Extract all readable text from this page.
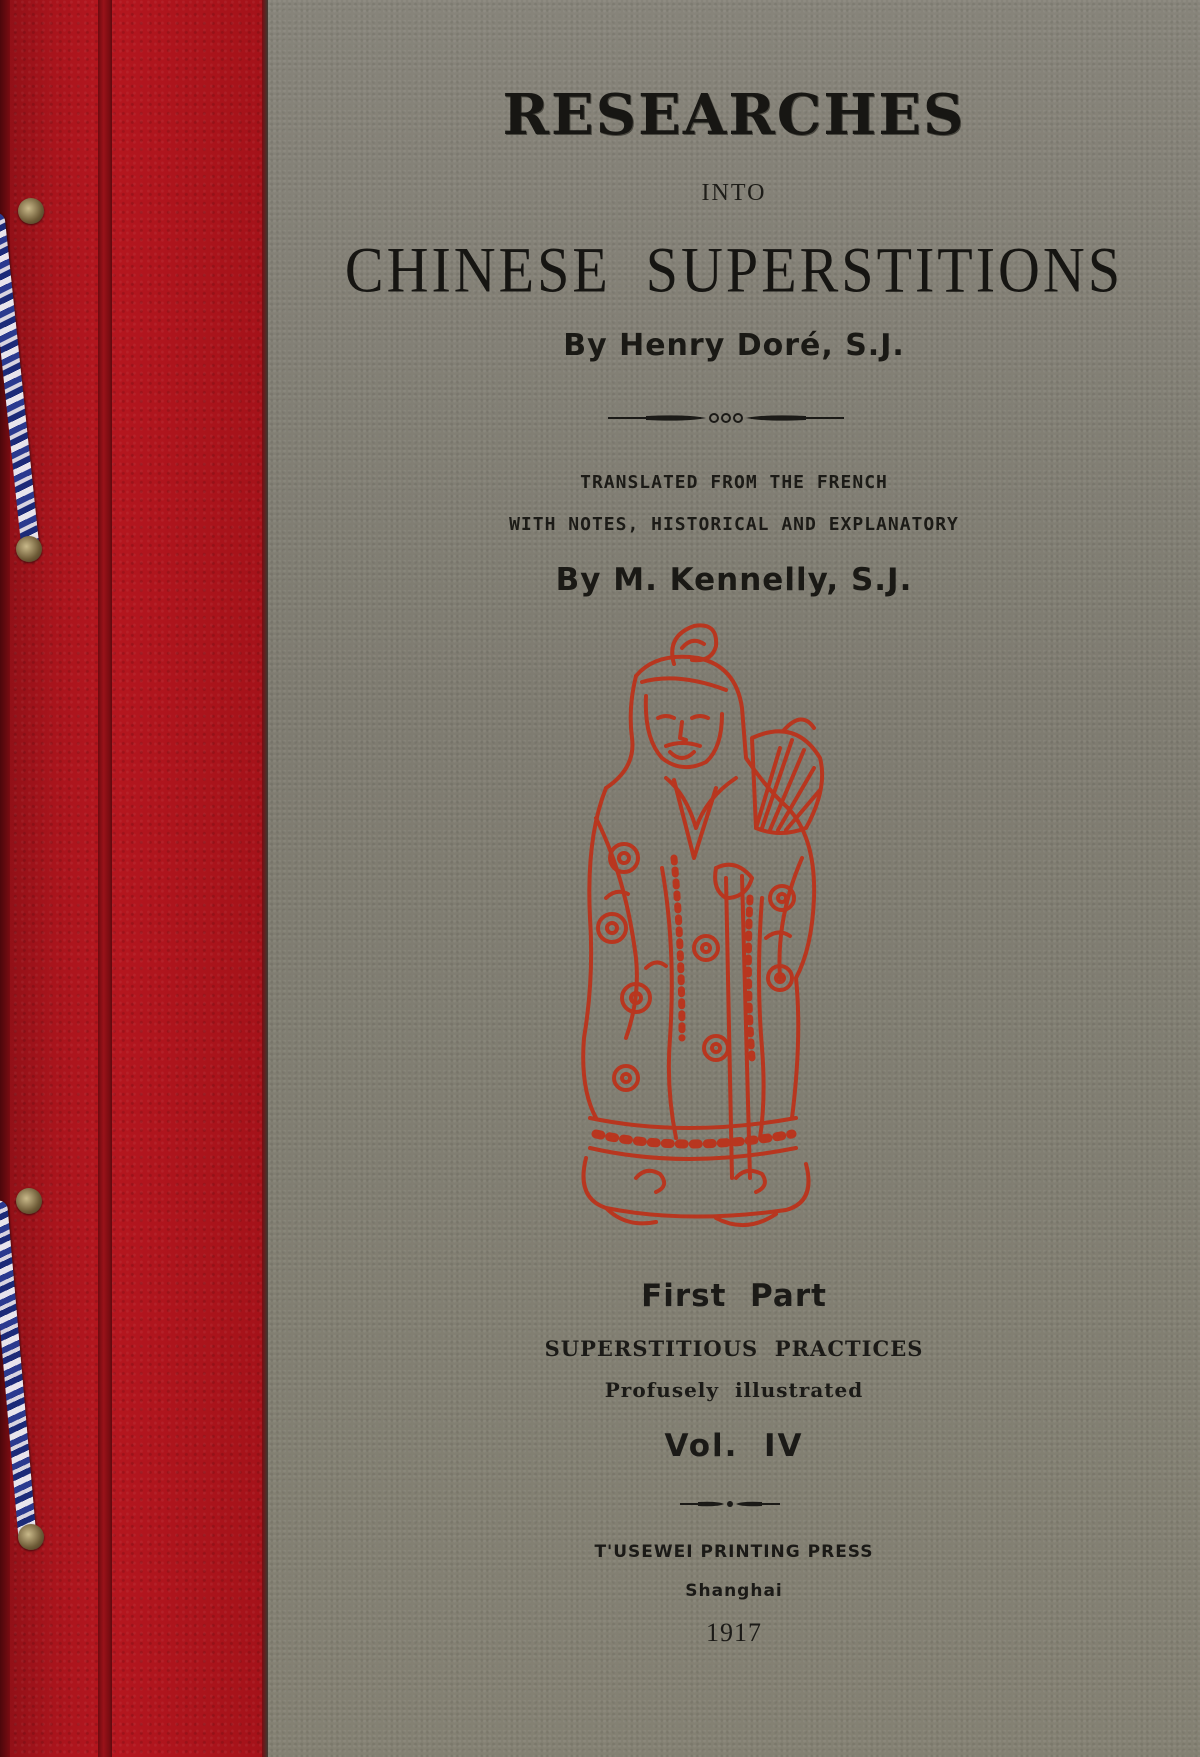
RESEARCHES
INTO
CHINESE  SUPERSTITIONS
By Henry Doré, S.J.
TRANSLATED FROM THE FRENCH
WITH NOTES, HISTORICAL AND EXPLANATORY
By M. Kennelly, S.J.
First  Part
SUPERSTITIOUS  PRACTICES
Profusely  illustrated
Vol.  IV
T'USEWEI PRINTING PRESS
Shanghai
1917
